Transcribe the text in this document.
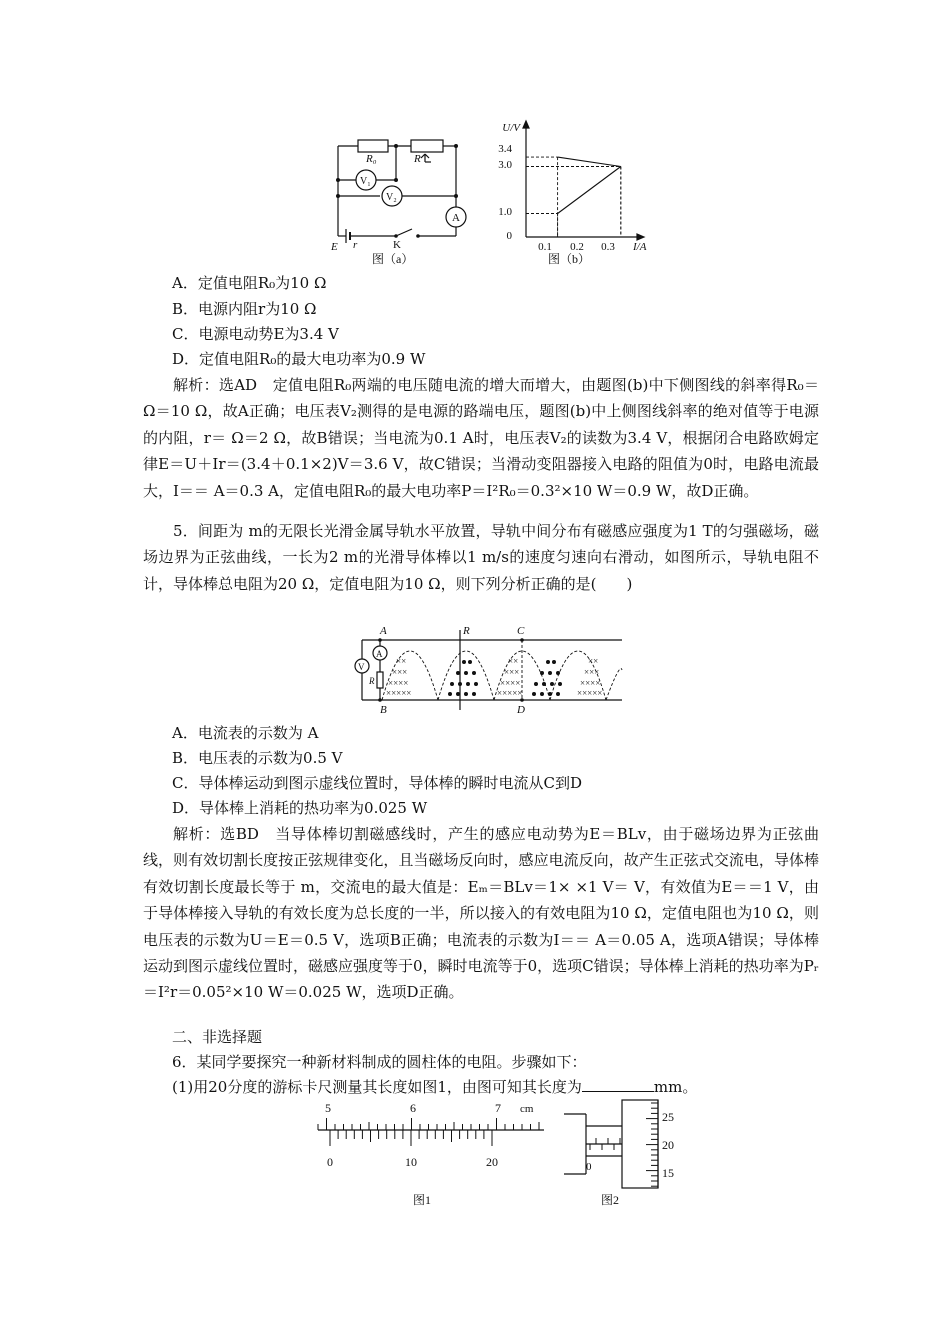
R₀	R
V₁
V₂
A
E r	K
图（a）
U/V
I/A
3.4
3.0
1.0
0
0.1 0.2 0.3
图（b）
A．定值电阻R₀为10 Ω
B．电源内阻r为10 Ω
C．电源电动势E为3.4 V
D．定值电阻R₀的最大电功率为0.9 W
解析：选AD　定值电阻R₀两端的电压随电流的增大而增大，由题图(b)中下侧图线的斜率得R₀＝ Ω＝10 Ω，故A正确；电压表V₂测得的是电源的路端电压，题图(b)中上侧图线斜率的绝对值等于电源的内阻，r＝ Ω＝2 Ω，故B错误；当电流为0.1 A时，电压表V₂的读数为3.4 V，根据闭合电路欧姆定律E＝U＋Ir＝(3.4＋0.1×2)V＝3.6 V，故C错误；当滑动变阻器接入电路的阻值为0时，电路电流最大，I＝＝ A＝0.3 A，定值电阻R₀的最大电功率P＝I²R₀＝0.3²×10 W＝0.9 W，故D正确。
5．间距为 m的无限长光滑金属导轨水平放置，导轨中间分布有磁感应强度为1 T的匀强磁场，磁场边界为正弦曲线，一长为2 m的光滑导体棒以1 m/s的速度匀速向右滑动，如图所示，导轨电阻不计，导体棒总电阻为20 Ω，定值电阻为10 Ω，则下列分析正确的是(　　)
××
×××
××××
×××××
××
×××
××××
×××××
××
×××
××××
×××××
A
B
R	C
D
V
A
R
A．电流表的示数为 A
B．电压表的示数为0.5 V
C．导体棒运动到图示虚线位置时，导体棒的瞬时电流从C到D
D．导体棒上消耗的热功率为0.025 W
解析：选BD　当导体棒切割磁感线时，产生的感应电动势为E＝BLv，由于磁场边界为正弦曲线，则有效切割长度按正弦规律变化，且当磁场反向时，感应电流反向，故产生正弦式交流电，导体棒有效切割长度最长等于 m，交流电的最大值是：Eₘ＝BLv＝1× ×1 V＝ V，有效值为E＝＝1 V，由于导体棒接入导轨的有效长度为总长度的一半，所以接入的有效电阻为10 Ω，定值电阻也为10 Ω，则电压表的示数为U＝E＝0.5 V，选项B正确；电流表的示数为I＝＝ A＝0.05 A，选项A错误；导体棒运动到图示虚线位置时，磁感应强度等于0，瞬时电流等于0，选项C错误；导体棒上消耗的热功率为Pᵣ＝I²r＝0.05²×10 W＝0.025 W，选项D正确。
二、非选择题
6．某同学要探究一种新材料制成的圆柱体的电阻。步骤如下：
(1)用20分度的游标卡尺测量其长度如图1，由图可知其长度为	mm。
5	6	7 cm
0	10	20
图1
25
20
15
0
图2
